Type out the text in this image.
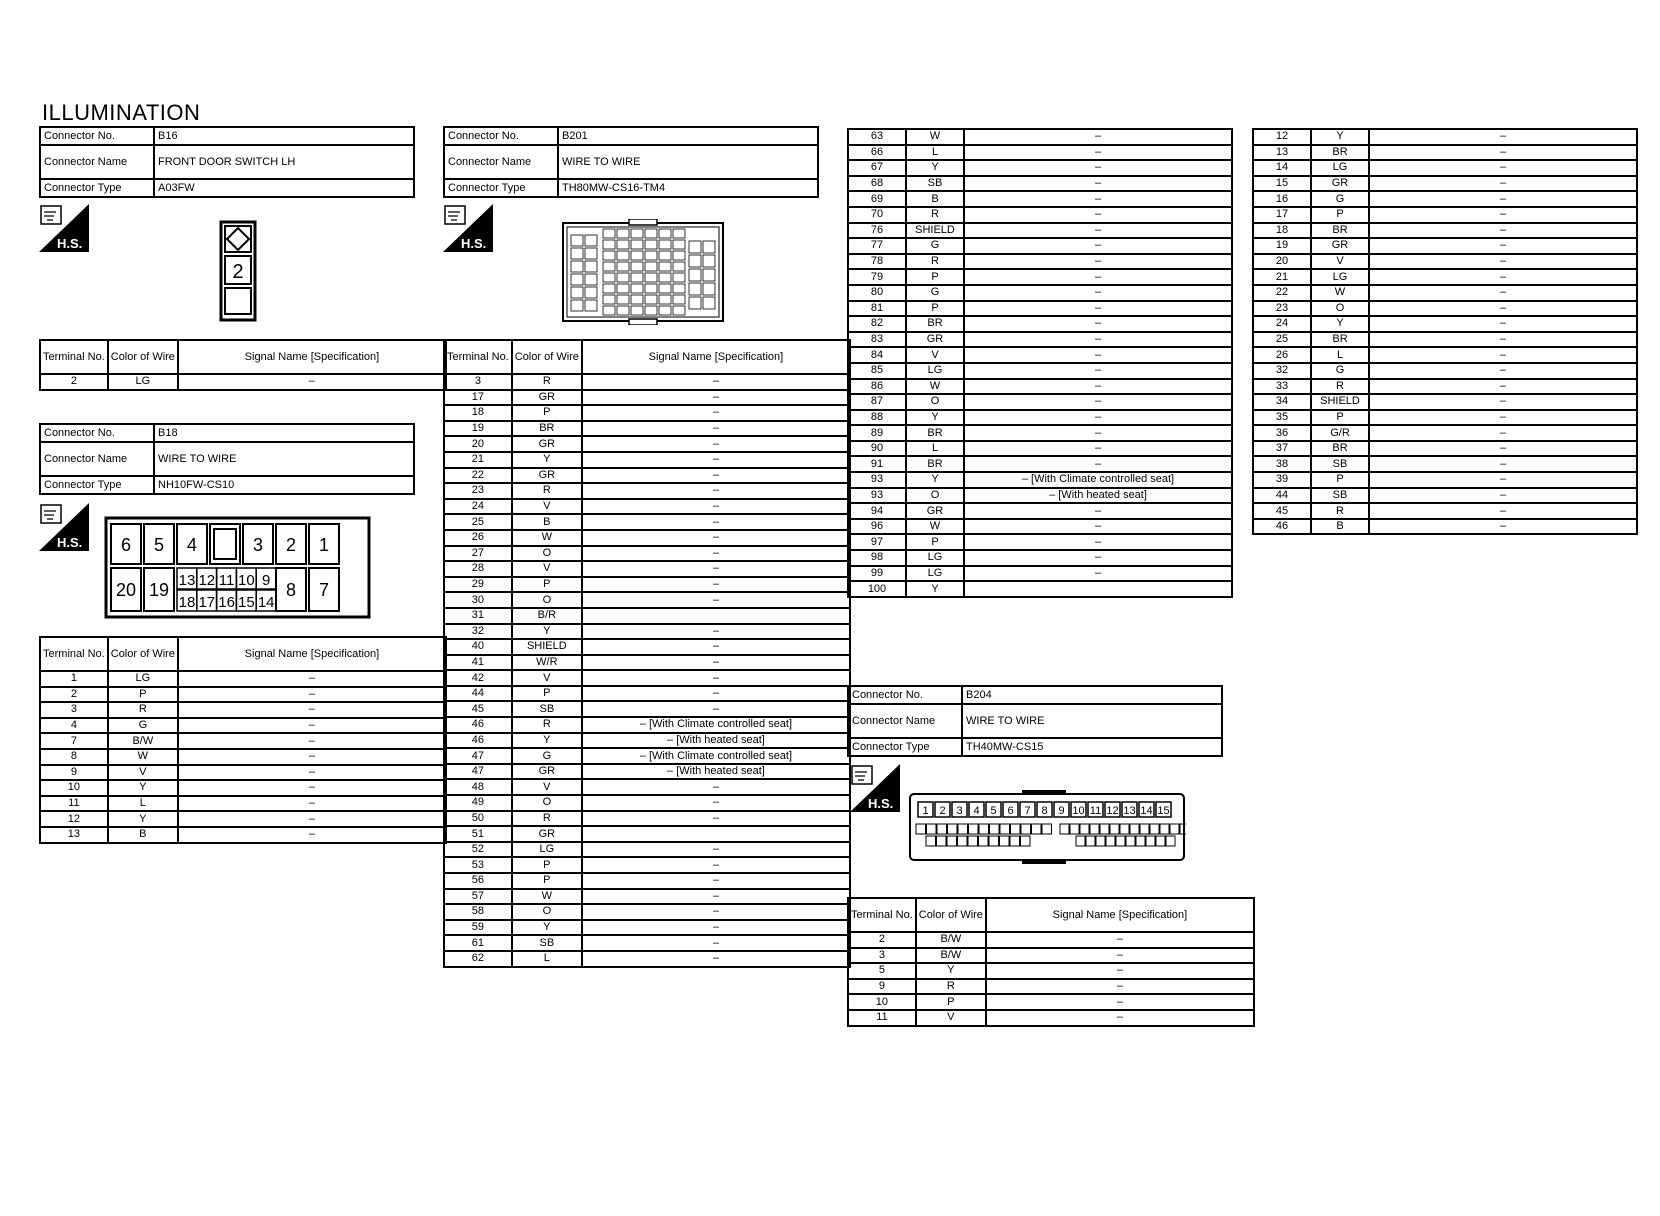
ILLUMINATION
Connector No.	B16
Connector Name	FRONT DOOR SWITCH LH
Connector Type	A03FW
H.S.
2
Terminal No.	Color of Wire	Signal Name [Specification]
2	LG	–
Connector No.	B18
Connector Name	WIRE TO WIRE
Connector Type	NH10FW-CS10
H.S. 6 5 4	3 2 1
20 19	8 7
13
18
12
17
11
16
10
15
9
14
Terminal No.	Color of Wire	Signal Name [Specification]
1	LG	–
2	P	–
3	R	–
4	G	–
7	B/W	–
8	W	–
9	V	–
10	Y	–
11	L	–
12	Y	–
13	B	–
Connector No.	B201
Connector Name	WIRE TO WIRE
Connector Type	TH80MW-CS16-TM4
H.S.
Terminal No.	Color of Wire	Signal Name [Specification]
3	R	–
17	GR	–
18	P	–
19	BR	–
20	GR	–
21	Y	–
22	GR	–
23	R	–
24	V	–
25	B	–
26	W	–
27	O	–
28	V	–
29	P	–
30	O	–
31	B/R	
32	Y	–
40	SHIELD	–
41	W/R	–
42	V	–
44	P	–
45	SB	–
46	R	– [With Climate controlled seat]
46	Y	– [With heated seat]
47	G	– [With Climate controlled seat]
47	GR	– [With heated seat]
48	V	–
49	O	–
50	R	–
51	GR	
52	LG	–
53	P	–
56	P	–
57	W	–
58	O	–
59	Y	–
61	SB	–
62	L	–
63	W	–
66	L	–
67	Y	–
68	SB	–
69	B	–
70	R	–
76	SHIELD	–
77	G	–
78	R	–
79	P	–
80	G	–
81	P	–
82	BR	–
83	GR	–
84	V	–
85	LG	–
86	W	–
87	O	–
88	Y	–
89	BR	–
90	L	–
91	BR	–
93	Y	– [With Climate controlled seat]
93	O	– [With heated seat]
94	GR	–
96	W	–
97	P	–
98	LG	–
99	LG	–
100	Y	
Connector No.	B204
Connector Name	WIRE TO WIRE
Connector Type	TH40MW-CS15
H.S.	1 2 3 4 5 6 7 8 9 10 11 12 13 14 15
Terminal No.	Color of Wire	Signal Name [Specification]
2	B/W	–
3	B/W	–
5	Y	–
9	R	–
10	P	–
11	V	–
12	Y	–
13	BR	–
14	LG	–
15	GR	–
16	G	–
17	P	–
18	BR	–
19	GR	–
20	V	–
21	LG	–
22	W	–
23	O	–
24	Y	–
25	BR	–
26	L	–
32	G	–
33	R	–
34	SHIELD	–
35	P	–
36	G/R	–
37	BR	–
38	SB	–
39	P	–
44	SB	–
45	R	–
46	B	–
